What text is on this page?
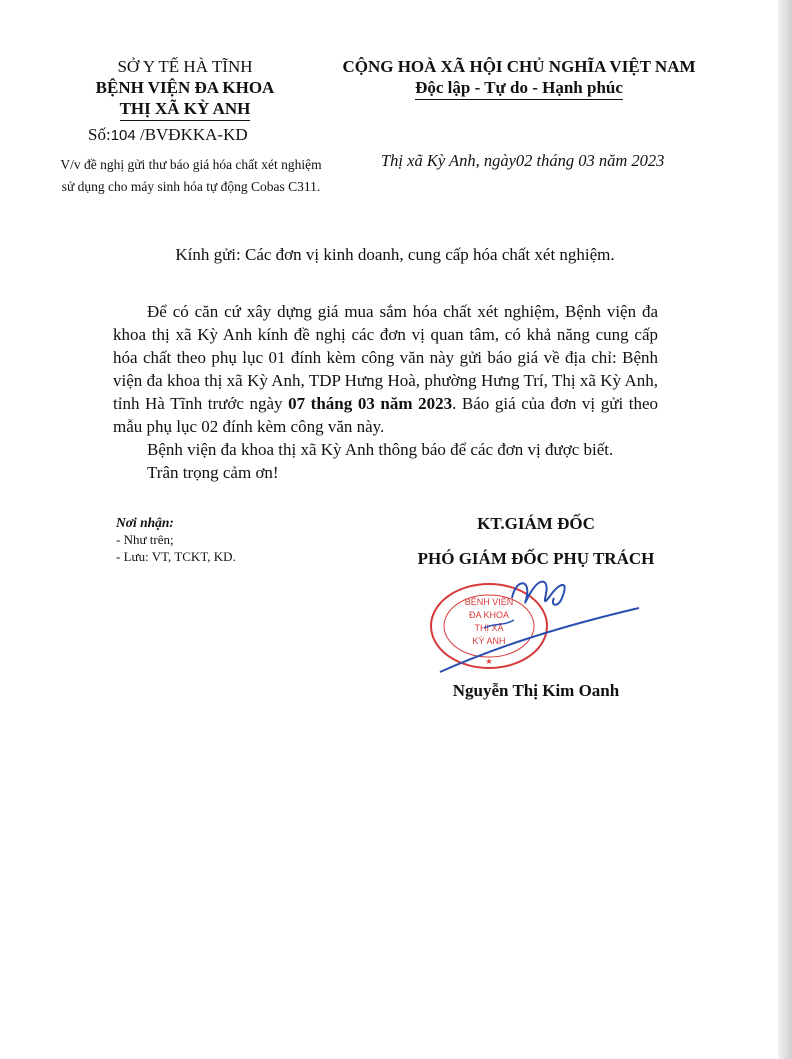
SỞ Y TẾ HÀ TĨNH
BỆNH VIỆN ĐA KHOA
THỊ XÃ KỲ ANH
Số:104 /BVĐKKA-KD
V/v đề nghị gửi thư báo giá hóa chất xét nghiệm sử dụng cho máy sinh hóa tự động Cobas C311.
CỘNG HOÀ XÃ HỘI CHỦ NGHĨA VIỆT NAM
Độc lập - Tự do - Hạnh phúc
Thị xã Kỳ Anh, ngày02 tháng 03 năm 2023
Kính gửi: Các đơn vị kinh doanh, cung cấp hóa chất xét nghiệm.

Để có căn cứ xây dựng giá mua sắm hóa chất xét nghiệm, Bệnh viện đa khoa thị xã Kỳ Anh kính đề nghị các đơn vị quan tâm, có khả năng cung cấp hóa chất theo phụ lục 01 đính kèm công văn này gửi báo giá về địa chỉ: Bệnh viện đa khoa thị xã Kỳ Anh, TDP Hưng Hoà, phường Hưng Trí, Thị xã Kỳ Anh, tỉnh Hà Tĩnh trước ngày 07 tháng 03 năm 2023. Báo giá của đơn vị gửi theo mẫu phụ lục 02 đính kèm công văn này.

Bệnh viện đa khoa thị xã Kỳ Anh thông báo để các đơn vị được biết.

Trân trọng cảm ơn!

Nơi nhận:
- Như trên;
- Lưu: VT, TCKT, KD.
KT.GIÁM ĐỐC
PHÓ GIÁM ĐỐC PHỤ TRÁCH
BỆNH VIỆN
ĐA KHOA
THỊ XÃ
KỲ ANH
★
Nguyễn Thị Kim Oanh
